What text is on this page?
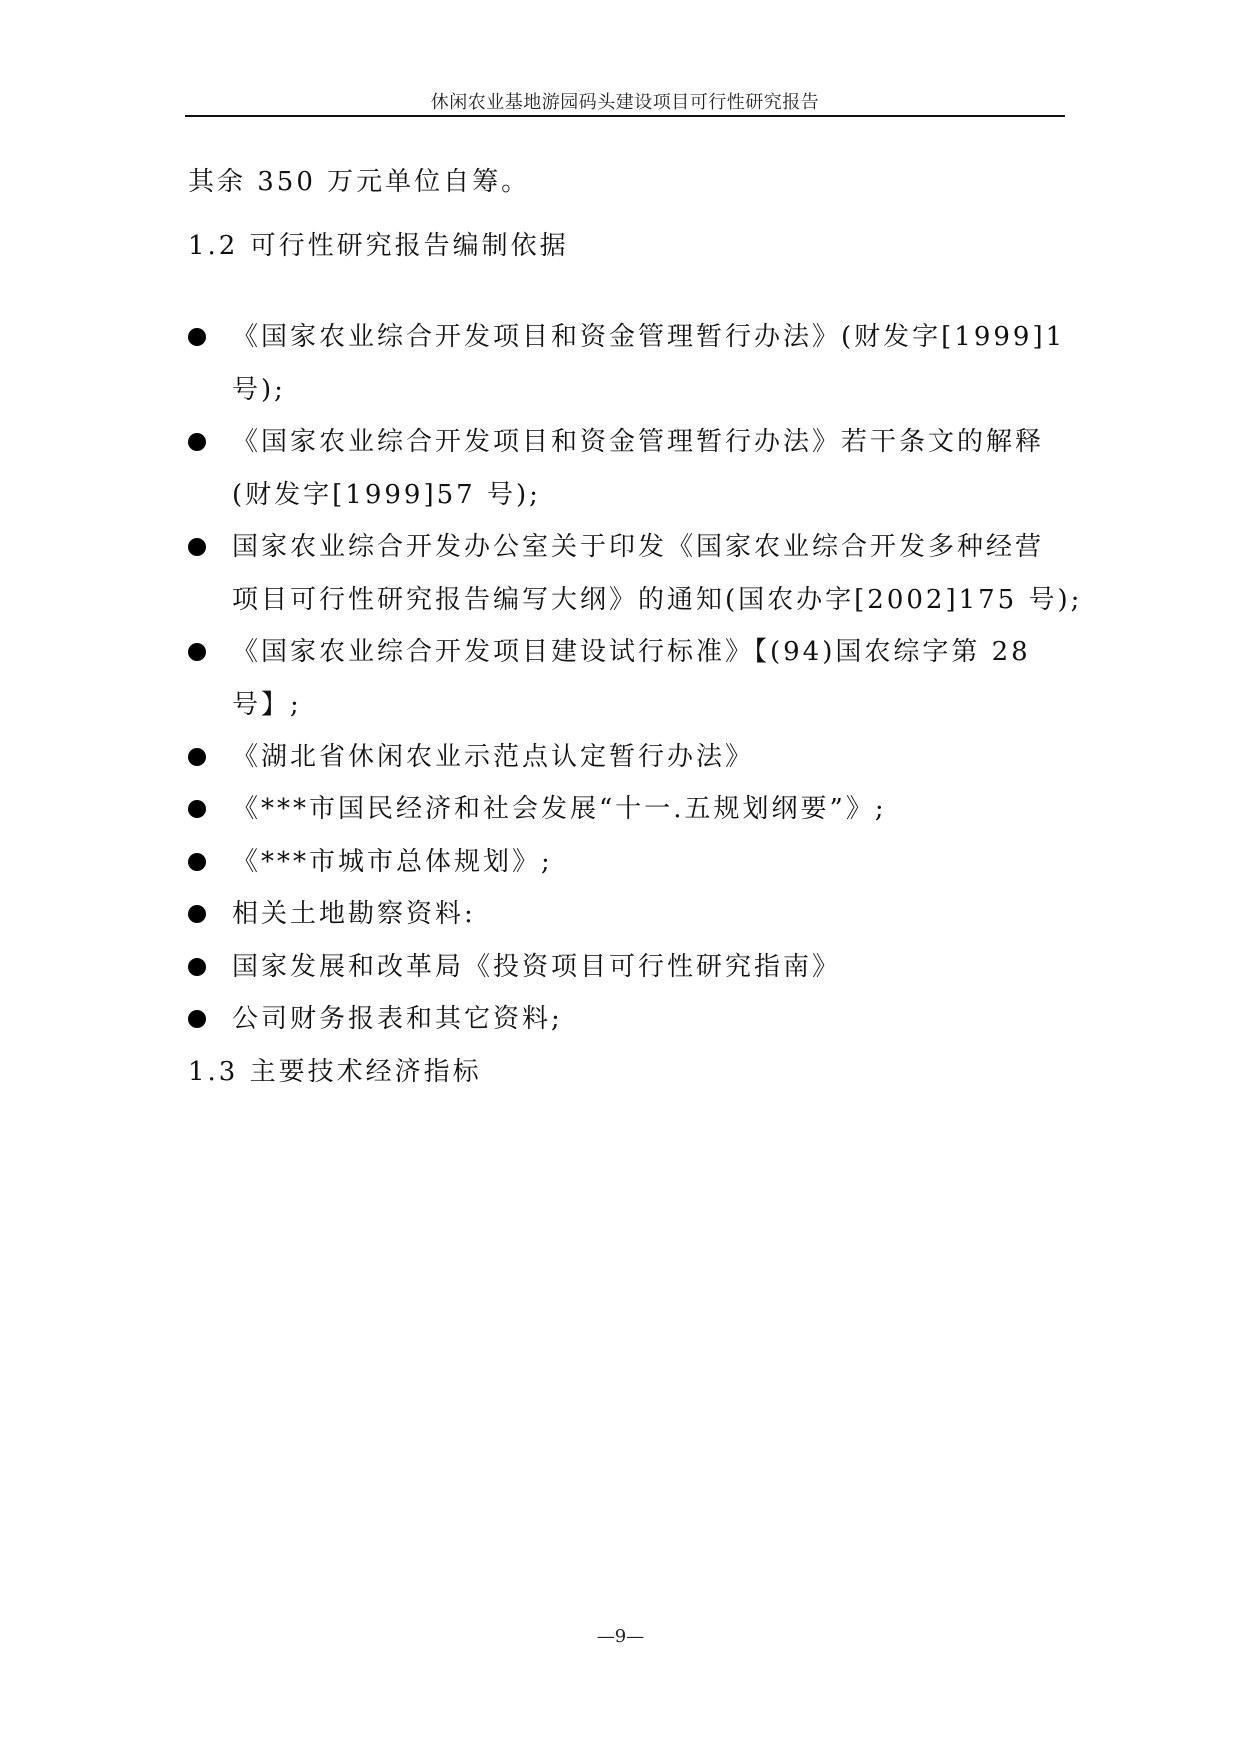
休闲农业基地游园码头建设项目可行性研究报告
其余 350 万元单位自筹。
1.2 可行性研究报告编制依据
《国家农业综合开发项目和资金管理暂行办法》(财发字[1999]1
号);
《国家农业综合开发项目和资金管理暂行办法》若干条文的解释
(财发字[1999]57 号);
国家农业综合开发办公室关于印发《国家农业综合开发多种经营
项目可行性研究报告编写大纲》的通知(国农办字[2002]175 号);
《国家农业综合开发项目建设试行标准》【(94)国农综字第 28
号】;
《湖北省休闲农业示范点认定暂行办法》
《***市国民经济和社会发展“十一.五规划纲要”》;
《***市城市总体规划》;
相关土地勘察资料:
国家发展和改革局《投资项目可行性研究指南》
公司财务报表和其它资料;
1.3 主要技术经济指标
—9—
